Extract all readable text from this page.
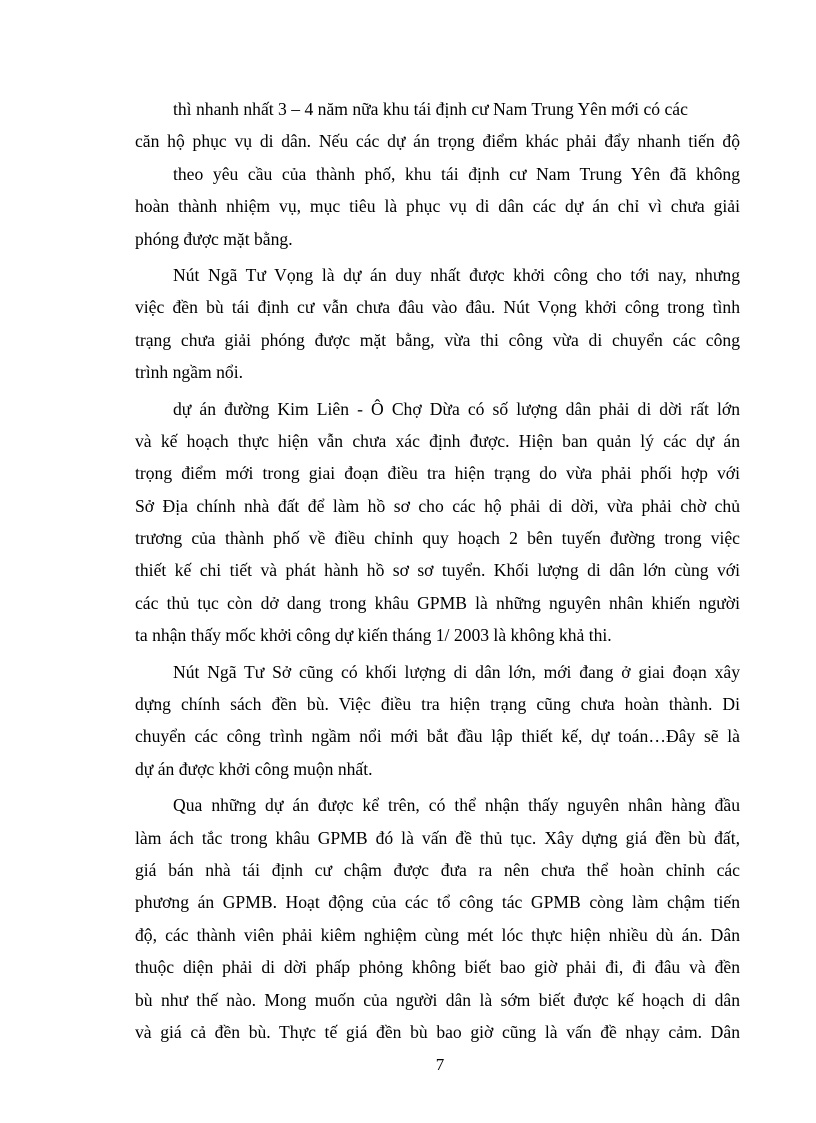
thì nhanh nhất 3 – 4 năm nữa khu tái định cư Nam Trung Yên mới có các
căn hộ phục vụ di dân. Nếu các dự án trọng điểm khác phải đẩy nhanh tiến độ
theo yêu cầu của thành phố, khu tái định cư Nam Trung Yên đã không
hoàn thành nhiệm vụ, mục tiêu là phục vụ di dân các dự án chỉ vì chưa giải
phóng được mặt bằng.
Nút Ngã Tư Vọng là dự án duy nhất được khởi công cho tới nay, nhưng
việc đền bù tái định cư vẫn chưa đâu vào đâu. Nút Vọng khởi công trong tình
trạng chưa giải phóng được mặt bằng, vừa thi công vừa di chuyển các công
trình ngầm nổi.
dự án đường Kim Liên - Ô Chợ Dừa có số lượng dân phải di dời rất lớn
và kế hoạch thực hiện vẫn chưa xác định được. Hiện ban quản lý các dự án
trọng điểm mới trong giai đoạn điều tra hiện trạng do vừa phải phối hợp với
Sở Địa chính nhà đất để làm hồ sơ cho các hộ phải di dời, vừa phải chờ chủ
trương của thành phố về điều chỉnh quy hoạch 2 bên tuyến đường trong việc
thiết kế chi tiết và phát hành hồ sơ sơ tuyển. Khối lượng di dân lớn cùng với
các thủ tục còn dở dang trong khâu GPMB là những nguyên nhân khiến người
ta nhận thấy mốc khởi công dự kiến tháng 1/ 2003 là không khả thi.
Nút Ngã Tư Sở cũng có khối lượng di dân lớn, mới đang ở giai đoạn xây
dựng chính sách đền bù. Việc điều tra hiện trạng cũng chưa hoàn thành. Di
chuyển các công trình ngầm nổi mới bắt đầu lập thiết kế, dự toán…Đây sẽ là
dự án được khởi công muộn nhất.
Qua những dự án được kể trên, có thể nhận thấy nguyên nhân hàng đầu
làm ách tắc trong khâu GPMB đó là vấn đề thủ tục. Xây dựng giá đền bù đất,
giá bán nhà tái định cư chậm được đưa ra nên chưa thể hoàn chỉnh các
phương án GPMB. Hoạt động của các tổ công tác GPMB còng làm chậm tiến
độ, các thành viên phải kiêm nghiệm cùng mét lóc thực hiện nhiều dù án. Dân
thuộc diện phải di dời phấp phỏng không biết bao giờ phải đi, đi đâu và đền
bù như thế nào. Mong muốn của người dân là sớm biết được kế hoạch di dân
và giá cả đền bù. Thực tế giá đền bù bao giờ cũng là vấn đề nhạy cảm. Dân
7
